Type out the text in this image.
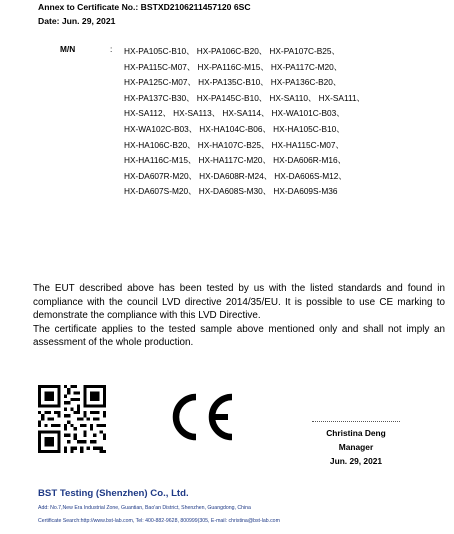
Annex to Certificate No.: BSTXD2106211457120 6SC
Date: Jun. 29, 2021
M/N	: HX-PA105C-B10、 HX-PA106C-B20、 HX-PA107C-B25、
HX-PA115C-M07、 HX-PA116C-M15、 HX-PA117C-M20、
HX-PA125C-M07、 HX-PA135C-B10、 HX-PA136C-B20、
HX-PA137C-B30、 HX-PA145C-B10、 HX-SA110、 HX-SA111、
HX-SA112、 HX-SA113、 HX-SA114、 HX-WA101C-B03、
HX-WA102C-B03、 HX-HA104C-B06、 HX-HA105C-B10、
HX-HA106C-B20、 HX-HA107C-B25、 HX-HA115C-M07、
HX-HA116C-M15、 HX-HA117C-M20、 HX-DA606R-M16、
HX-DA607R-M20、 HX-DA608R-M24、 HX-DA606S-M12、
HX-DA607S-M20、 HX-DA608S-M30、 HX-DA609S-M36

The EUT described above has been tested by us with the listed standards and found in compliance with the council LVD directive 2014/35/EU. It is possible to use CE marking to demonstrate the compliance with this LVD Directive.

The certificate applies to the tested sample above mentioned only and shall not imply an assessment of the whole production.

Christina Deng
Manager
Jun. 29, 2021
BST Testing (Shenzhen) Co., Ltd.
Add: No.7,New Era Industrial Zone, Guantian, Bao'an District, Shenzhen, Guangdong, China
Certificate Search:http://www.bst-lab.com, Tel: 400-882-9628, 800999(305, E-mail: christina@bst-lab.com
